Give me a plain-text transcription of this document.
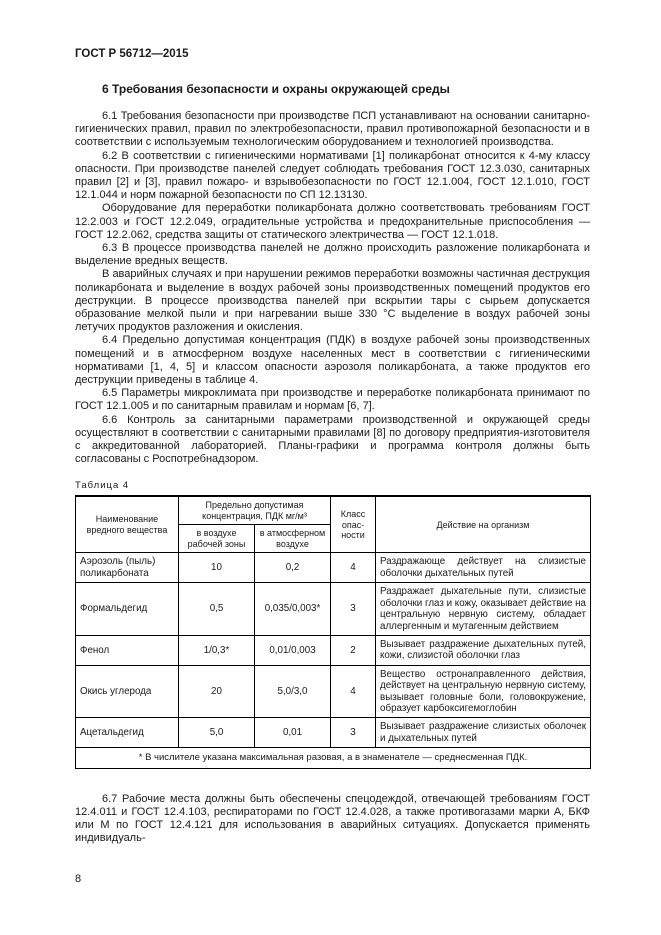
ГОСТ Р 56712—2015
6 Требования безопасности и охраны окружающей среды

6.1 Требования безопасности при производстве ПСП устанавливают на основании санитарно-гигиенических правил, правил по электробезопасности, правил противопожарной безопасности и в соответствии с используемым технологическим оборудованием и технологией производства.

6.2 В соответствии с гигиеническими нормативами [1] поликарбонат относится к 4-му классу опасности. При производстве панелей следует соблюдать требования ГОСТ 12.3.030, санитарных правил [2] и [3], правил пожаро- и взрывобезопасности по ГОСТ 12.1.004, ГОСТ 12.1.010, ГОСТ 12.1.044 и норм пожарной безопасности по СП 12.13130.

Оборудование для переработки поликарбоната должно соответствовать требованиям ГОСТ 12.2.003 и ГОСТ 12.2.049, оградительные устройства и предохранительные приспособления — ГОСТ 12.2.062, средства защиты от статического электричества — ГОСТ 12.1.018.

6.3 В процессе производства панелей не должно происходить разложение поликарбоната и выделение вредных веществ.

В аварийных случаях и при нарушении режимов переработки возможны частичная деструкция поликарбоната и выделение в воздух рабочей зоны производственных помещений продуктов его деструкции. В процессе производства панелей при вскрытии тары с сырьем допускается образование мелкой пыли и при нагревании выше 330 °С выделение в воздух рабочей зоны летучих продуктов разложения и окисления.

6.4 Предельно допустимая концентрация (ПДК) в воздухе рабочей зоны производственных помещений и в атмосферном воздухе населенных мест в соответствии с гигиеническими нормативами [1, 4, 5] и классом опасности аэрозоля поликарбоната, а также продуктов его деструкции приведены в таблице 4.

6.5 Параметры микроклимата при производстве и переработке поликарбоната принимают по ГОСТ 12.1.005 и по санитарным правилам и нормам [6, 7].

6.6 Контроль за санитарными параметрами производственной и окружающей среды осуществляют в соответствии с санитарными правилами [8] по договору предприятия-изготовителя с аккредитованной лабораторией. Планы-графики и программа контроля должны быть согласованы с Роспотребнадзором.

Таблица 4
Наименование вредного вещества	Предельно допустимая концентрация, ПДК мг/м³		Класс опас- ности	Действие на организм
	в воздухе рабочей зоны	в атмосферном воздухе		
Аэрозоль (пыль) поликарбоната	10	0,2	4	Раздражающе действует на слизистые оболочки дыхательных путей
Формальдегид	0,5	0,035/0,003*	3	Раздражает дыхательные пути, слизистые оболочки глаз и кожу, оказывает действие на центральную нервную систему, обладает аллергенным и мутагенным действием
Фенол	1/0,3*	0,01/0,003	2	Вызывает раздражение дыхательных путей, кожи, слизистой оболочки глаз
Окись углерода	20	5,0/3,0	4	Вещество остронаправленного действия, действует на центральную нервную систему, вызывает головные боли, головокружение, образует карбоксигемоглобин
Ацетальдегид	5,0	0,01	3	Вызывает раздражение слизистых оболочек и дыхательных путей
* В числителе указана максимальная разовая, а в знаменателе — среднесменная ПДК.				

6.7 Рабочие места должны быть обеспечены спецодеждой, отвечающей требованиям ГОСТ 12.4.011 и ГОСТ 12.4.103, респираторами по ГОСТ 12.4.028, а также противогазами марки А, БКФ или М по ГОСТ 12.4.121 для использования в аварийных ситуациях. Допускается применять индивидуаль-

8
